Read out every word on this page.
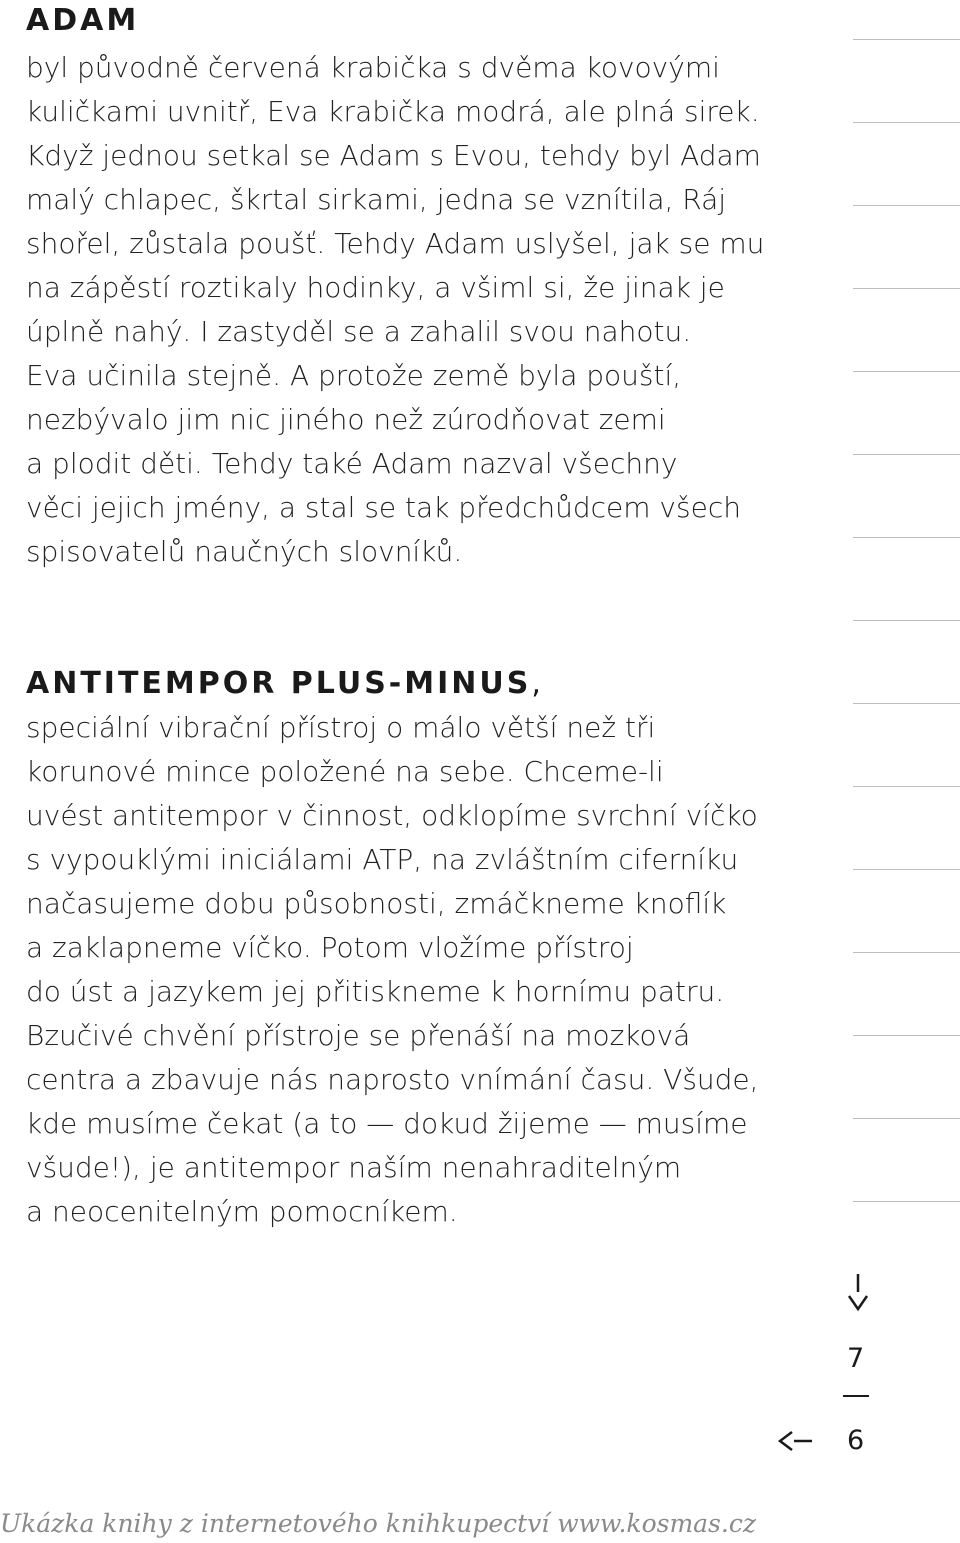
ADAM

byl původně červená krabička s dvěma kovovými

kuličkami uvnitř, Eva krabička modrá, ale plná sirek.

Když jednou setkal se Adam s Evou, tehdy byl Adam

malý chlapec, škrtal sirkami, jedna se vznítila, Ráj

shořel, zůstala poušť. Tehdy Adam uslyšel, jak se mu

na zápěstí roztikaly hodinky, a všiml si, že jinak je

úplně nahý. I zastyděl se a zahalil svou nahotu.

Eva učinila stejně. A protože země byla pouští,

nezbývalo jim nic jiného než zúrodňovat zemi

a plodit děti. Tehdy také Adam nazval všechny

věci jejich jmény, a stal se tak předchůdcem všech

spisovatelů naučných slovníků.

ANTITEMPOR PLUS-MINUS,

speciální vibrační přístroj o málo větší než tři

korunové mince položené na sebe. Chceme-li

uvést antitempor v činnost, odklopíme svrchní víčko

s vypouklými iniciálami ATP, na zvláštním ciferníku

načasujeme dobu působnosti, zmáčkneme knoflík

a zaklapneme víčko. Potom vložíme přístroj

do úst a jazykem jej přitiskneme k hornímu patru.

Bzučivé chvění přístroje se přenáší na mozková

centra a zbavuje nás naprosto vnímání času. Všude,

kde musíme čekat (a to — dokud žijeme — musíme

všude!), je antitempor naším nenahraditelným

a neocenitelným pomocníkem.

7
6
Ukázka knihy z internetového knihkupectví www.kosmas.cz
